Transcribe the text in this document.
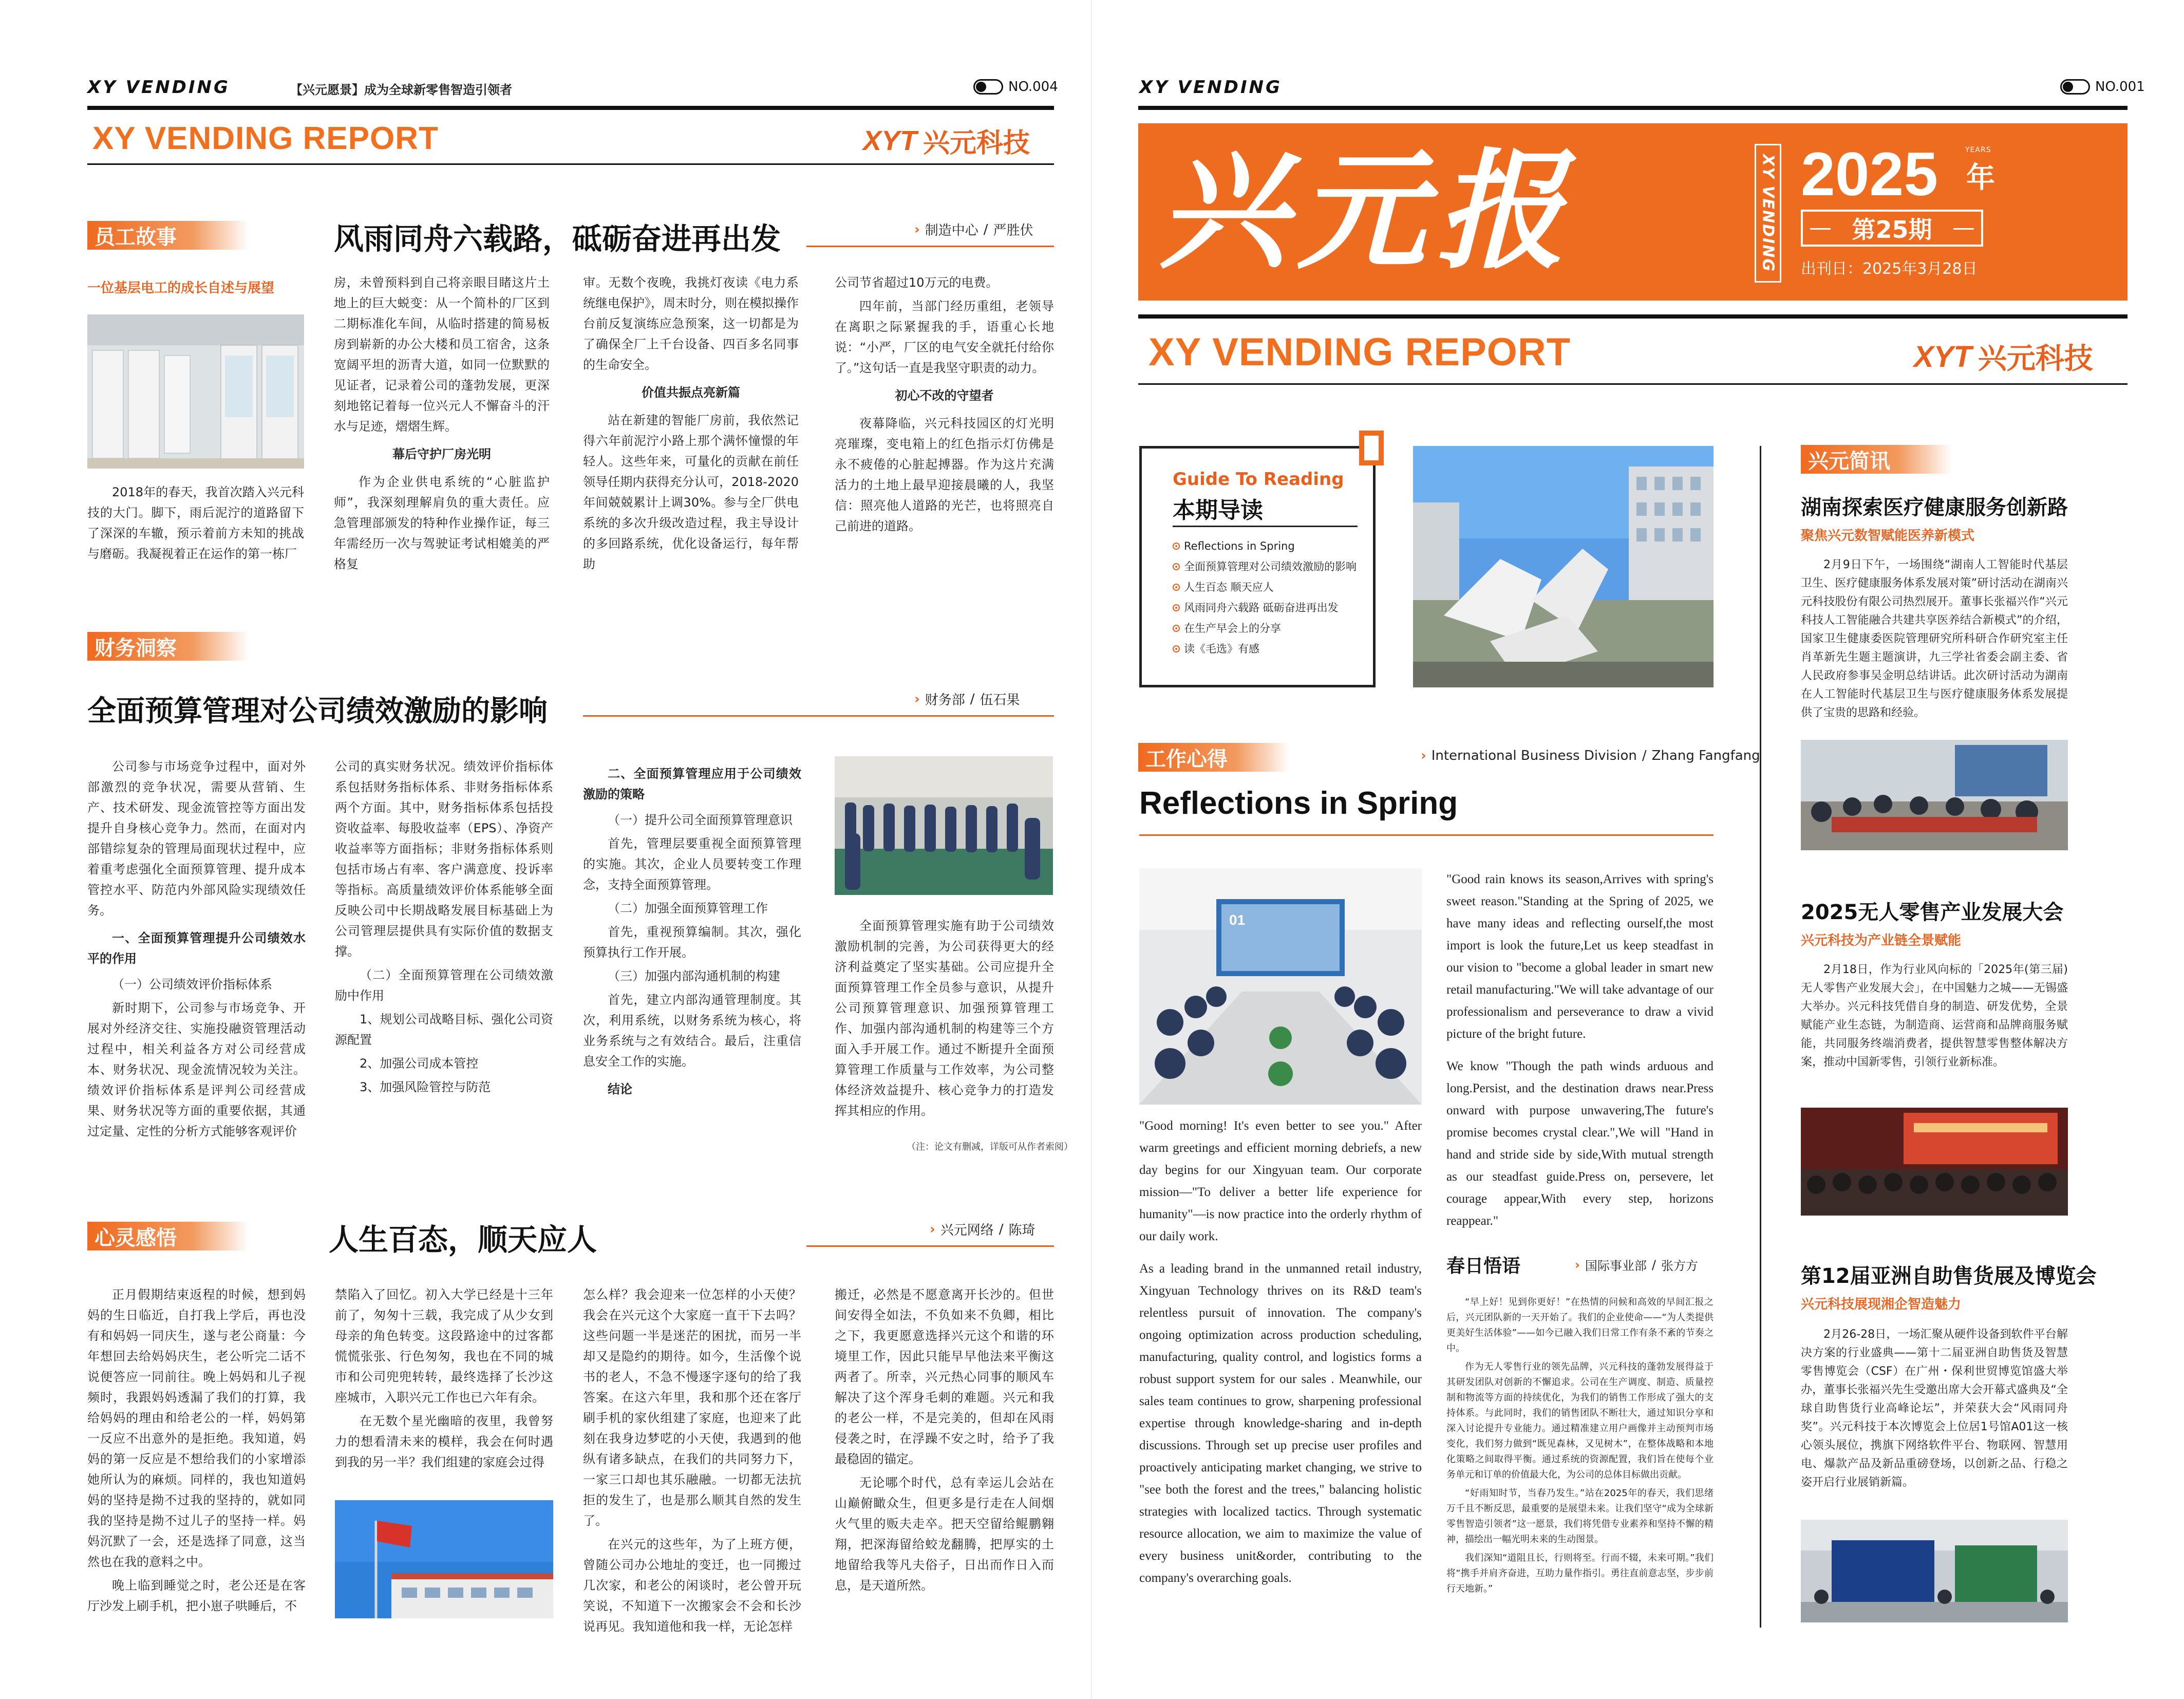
XY VENDING	【兴元愿景】成为全球新零售智造引领者	NO.004
XY VENDING REPORT	XYT 兴元科技
员工故事	风雨同舟六载路，砥砺奋进再出发	› 制造中心 / 严胜伏
一位基层电工的成长自述与展望

2018年的春天，我首次踏入兴元科技的大门。脚下，雨后泥泞的道路留下了深深的车辙，预示着前方未知的挑战与磨砺。我凝视着正在运作的第一栋厂

房，未曾预料到自己将亲眼目睹这片土地上的巨大蜕变：从一个简朴的厂区到二期标准化车间，从临时搭建的简易板房到崭新的办公大楼和员工宿舍，这条宽阔平坦的沥青大道，如同一位默默的见证者，记录着公司的蓬勃发展，更深刻地铭记着每一位兴元人不懈奋斗的汗水与足迹，熠熠生辉。

幕后守护厂房光明

作为企业供电系统的“心脏监护师”，我深刻理解肩负的重大责任。应急管理部颁发的特种作业操作证，每三年需经历一次与驾驶证考试相媲美的严格复

审。无数个夜晚，我挑灯夜读《电力系统继电保护》，周末时分，则在模拟操作台前反复演练应急预案，这一切都是为了确保全厂上千台设备、四百多名同事的生命安全。

价值共振点亮新篇

站在新建的智能厂房前，我依然记得六年前泥泞小路上那个满怀憧憬的年轻人。这些年来，可量化的贡献在前任领导任期内获得充分认可，2018-2020年间兢兢累计上调30%。参与全厂供电系统的多次升级改造过程，我主导设计的多回路系统，优化设备运行，每年帮助

公司节省超过10万元的电费。

四年前，当部门经历重组，老领导在离职之际紧握我的手，语重心长地说：“小严，厂区的电气安全就托付给你了。”这句话一直是我坚守职责的动力。

初心不改的守望者

夜幕降临，兴元科技园区的灯光明亮璀璨，变电箱上的红色指示灯仿佛是永不疲倦的心脏起搏器。作为这片充满活力的土地上最早迎接晨曦的人，我坚信：照亮他人道路的光芒，也将照亮自己前进的道路。

财务洞察
全面预算管理对公司绩效激励的影响	› 财务部 / 伍石果

公司参与市场竞争过程中，面对外部激烈的竞争状况，需要从营销、生产、技术研发、现金流管控等方面出发提升自身核心竞争力。然而，在面对内部错综复杂的管理局面现状过程中，应着重考虑强化全面预算管理、提升成本管控水平、防范内外部风险实现绩效任务。

一、全面预算管理提升公司绩效水平的作用

（一）公司绩效评价指标体系

新时期下，公司参与市场竞争、开展对外经济交往、实施投融资管理活动过程中，相关利益各方对公司经营成本、财务状况、现金流情况较为关注。绩效评价指标体系是评判公司经营成果、财务状况等方面的重要依据，其通过定量、定性的分析方式能够客观评价

公司的真实财务状况。绩效评价指标体系包括财务指标体系、非财务指标体系两个方面。其中，财务指标体系包括投资收益率、每股收益率（EPS）、净资产收益率等方面指标；非财务指标体系则包括市场占有率、客户满意度、投诉率等指标。高质量绩效评价体系能够全面反映公司中长期战略发展目标基础上为公司管理层提供具有实际价值的数据支撑。

（二）全面预算管理在公司绩效激励中作用

1、规划公司战略目标、强化公司资源配置

2、加强公司成本管控

3、加强风险管控与防范

二、全面预算管理应用于公司绩效激励的策略

（一）提升公司全面预算管理意识

首先，管理层要重视全面预算管理的实施。其次，企业人员要转变工作理念，支持全面预算管理。

（二）加强全面预算管理工作

首先，重视预算编制。其次，强化预算执行工作开展。

（三）加强内部沟通机制的构建

首先，建立内部沟通管理制度。其次，利用系统，以财务系统为核心，将业务系统与之有效结合。最后，注重信息安全工作的实施。

结论

全面预算管理实施有助于公司绩效激励机制的完善，为公司获得更大的经济利益奠定了坚实基础。公司应提升全面预算管理工作全员参与意识，从提升公司预算管理意识、加强预算管理工作、加强内部沟通机制的构建等三个方面入手开展工作。通过不断提升全面预算管理工作质量与工作效率，为公司整体经济效益提升、核心竞争力的打造发挥其相应的作用。

（注：论文有删减，详版可从作者索阅）
心灵感悟	人生百态，顺天应人	› 兴元网络 / 陈琦

正月假期结束返程的时候，想到妈妈的生日临近，自打我上学后，再也没有和妈妈一同庆生，遂与老公商量：今年想回去给妈妈庆生，老公听完二话不说便答应一同前往。晚上妈妈和儿子视频时，我跟妈妈透漏了我们的打算，我给妈妈的理由和给老公的一样，妈妈第一反应不出意外的是拒绝。我知道，妈妈的第一反应是不想给我们的小家增添她所认为的麻烦。同样的，我也知道妈妈的坚持是拗不过我的坚持的，就如同我的坚持是拗不过儿子的坚持一样。妈妈沉默了一会，还是选择了同意，这当然也在我的意料之中。

晚上临到睡觉之时，老公还是在客厅沙发上刷手机，把小崽子哄睡后，不

禁陷入了回忆。初入大学已经是十三年前了，匆匆十三载，我完成了从少女到母亲的角色转变。这段路途中的过客都慌慌张张、行色匆匆，我也在不同的城市和公司兜兜转转，最终选择了长沙这座城市，入职兴元工作也已六年有余。

在无数个星光幽暗的夜里，我曾努力的想看清未来的模样，我会在何时遇到我的另一半？我们组建的家庭会过得

怎么样？我会迎来一位怎样的小天使？我会在兴元这个大家庭一直干下去吗？这些问题一半是迷茫的困扰，而另一半却又是隐约的期待。如今，生活像个说书的老人，不急不慢逐字逐句的给了我答案。在这六年里，我和那个还在客厅刷手机的家伙组建了家庭，也迎来了此刻在我身边梦呓的小天使，我遇到的他纵有诸多缺点，在我们的共同努力下，一家三口却也其乐融融。一切都无法抗拒的发生了，也是那么顺其自然的发生了。

在兴元的这些年，为了上班方便，曾随公司办公地址的变迁，也一同搬过几次家，和老公的闲谈时，老公曾开玩笑说，不知道下一次搬家会不会和长沙说再见。我知道他和我一样，无论怎样

搬迁，必然是不愿意离开长沙的。但世间安得全如法，不负如来不负卿，相比之下，我更愿意选择兴元这个和谐的环境里工作，因此只能早早他法来平衡这两者了。所幸，兴元热心同事的顺风车解决了这个浑身毛刺的难题。兴元和我的老公一样，不是完美的，但却在风雨侵袭之时，在浮躁不安之时，给予了我最稳固的锚定。

无论哪个时代，总有幸运儿会站在山巅俯瞰众生，但更多是行走在人间烟火气里的贩夫走卒。把天空留给鲲鹏翱翔，把深海留给蛟龙翻腾，把厚实的土地留给我等凡夫俗子，日出而作日入而息，是天道所然。

XY VENDING	NO.001
兴元报	XY VENDING 2025	YEARS
年
第25期
出刊日：2025年3月28日
XY VENDING REPORT	XYT 兴元科技
Guide To Reading
本期导读
Reflections in Spring
全面预算管理对公司绩效激励的影响
人生百态 顺天应人
风雨同舟六载路 砥砺奋进再出发
在生产早会上的分享
读《毛选》有感
工作心得	› International Business Division / Zhang Fangfang
Reflections in Spring
01

"Good morning! It's even better to see you." After warm greetings and efficient morning debriefs, a new day begins for our Xingyuan team. Our corporate mission—"To deliver a better life experience for humanity"—is now practice into the orderly rhythm of our daily work.

As a leading brand in the unmanned retail industry, Xingyuan Technology thrives on its R&D team's relentless pursuit of innovation. The company's ongoing optimization across production scheduling, manufacturing, quality control, and logistics forms a robust support system for our sales . Meanwhile, our sales team continues to grow, sharpening professional expertise through knowledge-sharing and in-depth discussions. Through set up precise user profiles and proactively anticipating market changing, we strive to "see both the forest and the trees," balancing holistic strategies with localized tactics. Through systematic resource allocation, we aim to maximize the value of every business unit&order, contributing to the company's overarching goals.

"Good rain knows its season,Arrives with spring's sweet reason."Standing at the Spring of 2025, we have many ideas and reflecting ourself,the most import is look the future,Let us keep steadfast in our vision to "become a global leader in smart new retail manufacturing."We will take advantage of our professionalism and perseverance to draw a vivid picture of the bright future.

We know "Though the path winds arduous and long.Persist, and the destination draws near.Press onward with purpose unwavering,The future's promise becomes crystal clear.",We will "Hand in hand and stride side by side,With mutual strength as our steadfast guide.Press on, persevere, let courage appear,With every step, horizons reappear."

春日悟语	› 国际事业部 / 张方方

“早上好！见到你更好！”在热情的问候和高效的早间汇报之后，兴元团队新的一天开始了。我们的企业使命——“为人类提供更美好生活体验”——如今已融入我们日常工作有条不紊的节奏之中。

作为无人零售行业的领先品牌，兴元科技的蓬勃发展得益于其研发团队对创新的不懈追求。公司在生产调度、制造、质量控制和物流等方面的持续优化，为我们的销售工作形成了强大的支持体系。与此同时，我们的销售团队不断壮大，通过知识分享和深入讨论提升专业能力。通过精准建立用户画像并主动预判市场变化，我们努力做到“既见森林，又见树木”，在整体战略和本地化策略之间取得平衡。通过系统的资源配置，我们旨在使每个业务单元和订单的价值最大化，为公司的总体目标做出贡献。

“好雨知时节，当春乃发生。”站在2025年的春天，我们思绪万千且不断反思，最重要的是展望未来。让我们坚守“成为全球新零售智造引领者”这一愿景，我们将凭借专业素养和坚持不懈的精神，描绘出一幅光明未来的生动图景。

我们深知“道阻且长，行则将至。行而不辍，未来可期。”我们将“携手并肩齐奋进，互助力量作指引。勇往直前意志坚，步步前行天地新。”

兴元简讯
湖南探索医疗健康服务创新路
聚焦兴元数智赋能医养新模式

2月9日下午，一场围绕“湖南人工智能时代基层卫生、医疗健康服务体系发展对策”研讨活动在湖南兴元科技股份有限公司热烈展开。董事长张福兴作“兴元科技人工智能融合共建共享医养结合新模式”的介绍，国家卫生健康委医院管理研究所科研合作研究室主任肖革新先生题主题演讲，九三学社省委会副主委、省人民政府参事吴金明总结讲话。此次研讨活动为湖南在人工智能时代基层卫生与医疗健康服务体系发展提供了宝贵的思路和经验。

2025无人零售产业发展大会
兴元科技为产业链全景赋能

2月18日，作为行业风向标的「2025年(第三届)无人零售产业发展大会」，在中国魅力之城——无锡盛大举办。兴元科技凭借自身的制造、研发优势，全景赋能产业生态链，为制造商、运营商和品牌商服务赋能，共同服务终端消费者，提供智慧零售整体解决方案，推动中国新零售，引领行业新标准。

第12届亚洲自助售货展及博览会
兴元科技展现湘企智造魅力

2月26-28日，一场汇聚从硬件设备到软件平台解决方案的行业盛典——第十二届亚洲自助售货及智慧零售博览会（CSF）在广州・保利世贸博览馆盛大举办，董事长张福兴先生受邀出席大会开幕式盛典及“全球自助售货行业高峰论坛”，并荣获大会“风雨同舟奖”。兴元科技于本次博览会上位居1号馆A01这一核心领头展位，携旗下网络软件平台、物联网、智慧用电、爆款产品及新品重磅登场，以创新之品、行稳之姿开启行业展销新篇。
